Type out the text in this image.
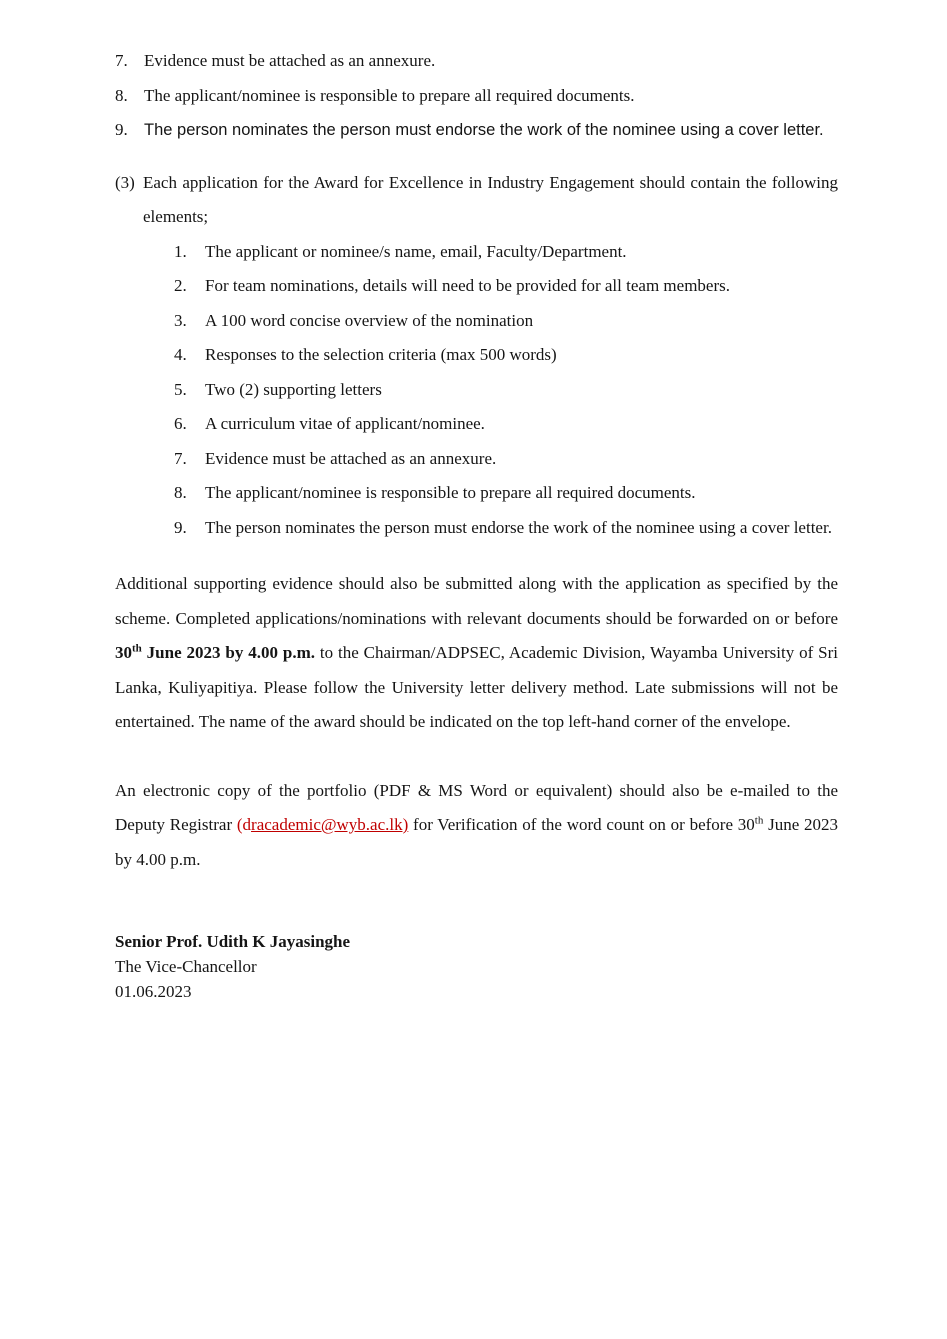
7. Evidence must be attached as an annexure.
8. The applicant/nominee is responsible to prepare all required documents.
9. The person nominates the person must endorse the work of the nominee using a cover letter.
(3) Each application for the Award for Excellence in Industry Engagement should contain the following elements;
1.	The applicant or nominee/s name, email, Faculty/Department.
2.	For team nominations, details will need to be provided for all team members.
3.	A 100 word concise overview of the nomination
4.	Responses to the selection criteria (max 500 words)
5.	Two (2) supporting letters
6.	A curriculum vitae of applicant/nominee.
7.	Evidence must be attached as an annexure.
8.	The applicant/nominee is responsible to prepare all required documents.
9.	The person nominates the person must endorse the work of the nominee using a cover letter.
Additional supporting evidence should also be submitted along with the application as specified by the scheme. Completed applications/nominations with relevant documents should be forwarded on or before 30th June 2023 by 4.00 p.m. to the Chairman/ADPSEC, Academic Division, Wayamba University of Sri Lanka, Kuliyapitiya. Please follow the University letter delivery method. Late submissions will not be entertained. The name of the award should be indicated on the top left-hand corner of the envelope.
An electronic copy of the portfolio (PDF & MS Word or equivalent) should also be e-mailed to the Deputy Registrar (dracademic@wyb.ac.lk) for Verification of the word count on or before 30th June 2023 by 4.00 p.m.
Senior Prof. Udith K Jayasinghe
The Vice-Chancellor
01.06.2023
